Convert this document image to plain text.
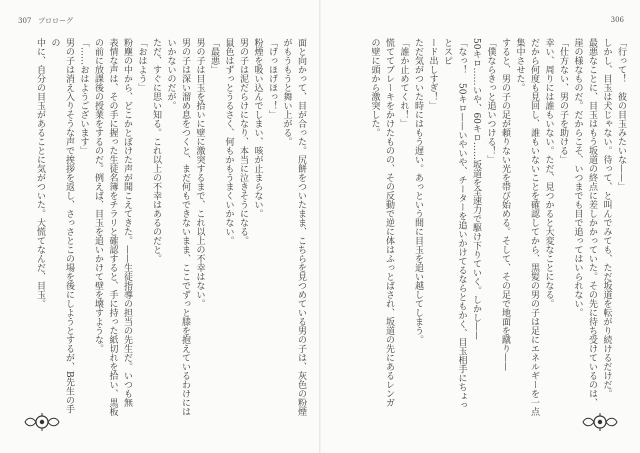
307 プロローグ

面と向かって、目が合った。尻餅をついたまま、こちらを見つめている男の子は、灰色の粉煙がもうもうと舞い上がる。

「げっほげほっ！」

粉煙を吸い込んでしまい、咳が止まらない。

男の子は泥だらけになり、本当に泣きそうになる。

鼠色はずっとうるさく、何もかもうまくいかない。

「最悪」

男の子は目玉を拾いに壁に激突するまで、これ以上の不幸はない。

男の子は深い溜め息をつくと、まだ何もできないまま、ここでずっと膝を抱えているわけには

いかないのだが。

ただ、すぐに思い知る。これ以上の不幸はあるのだと。

「おはよう」

粉塵の中から、どこかとぼけた声が聞こえてきた。——生徒指導の担当の先生だ。いつも無

表情な声は、その手に握った生徒名簿をチラリと確認すると、手に持った紙切れを拾い、黒板

の前に放課後の授業をするのだ。例えば、目玉を追いかけて壁を壊すような。

「……おはようございます」

男の子は消え入りそうな声で挨拶を返し、さっさとこの場を後にしようとするが、B先生の手の

中に、自分の目玉があることに気がついた。大慌てなんだ、目玉。

306

「行って！　彼の目玉みたいな——」

しかし、目玉は犬じゃない。待って、と叫んでみても、ただ坂道を転がり続けるだけだ。

最悪なことに、目玉はもう坂道の終点に差しかかっていた。その先に待ち受けているのは、

崖の様なものだ。だからこそ、いつまでも目で追ってはいられない。

「仕方ない、男の子を助ける」

幸い、周りには誰もいない。ただ、見つかると大変なことになる。

だから何度も見回し、誰もいないことを確認してから、黒髪の男の子は足にエネルギーを一点

集中させた。

すると、男の子の足が頼りない光を帯び始める。そして、その足で地面を蹴り——

「僕ならきっと追いつける！」

50キロ……いや、60キロ……坂道を全速力で駆け下りていく。しかし——

「なっ！　50キロ——いやいや、チーターを追いかけてるならともかく、目玉相手にちょっとスピ

ード出しすぎ！」

ただ気がついた時にはもう遅い。あっという間に目玉を追い越してしまう。

「誰か止めてくれ！」

慌ててブレーキをかけたものの、その反動で逆に体はふっとばされ、坂道の先にあるレンガ

の壁に頭から激突した。
